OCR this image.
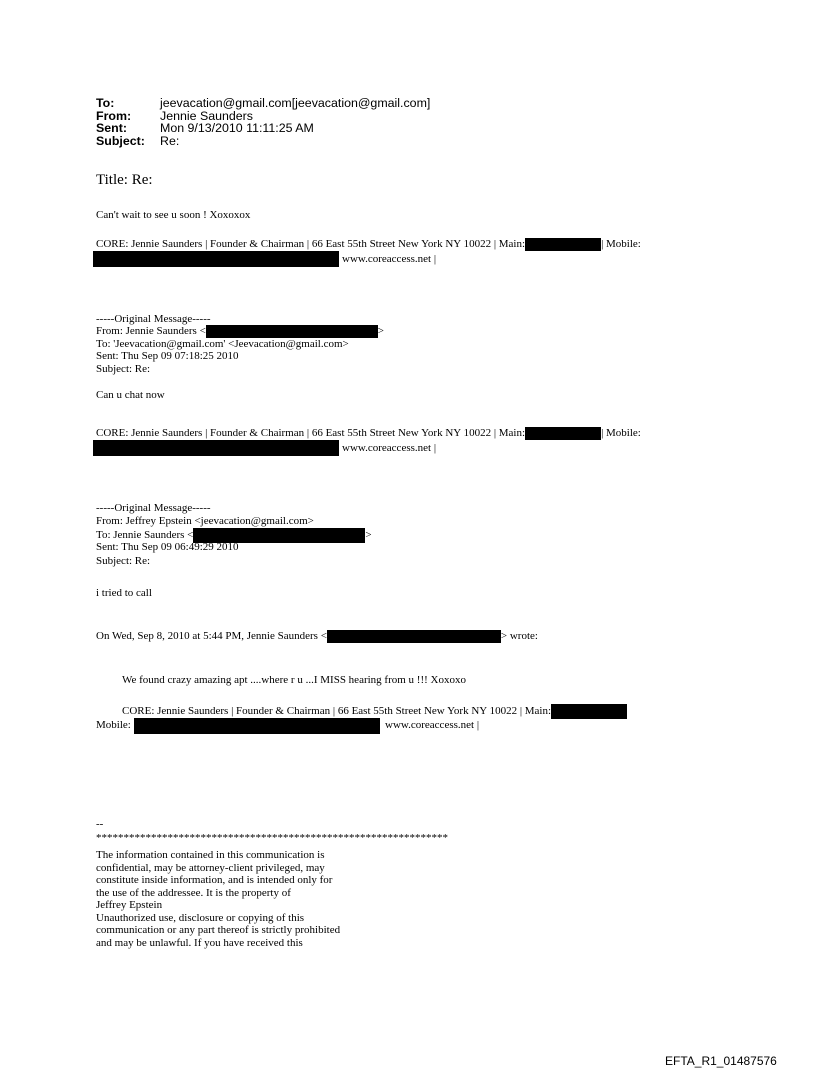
To:	jeevacation@gmail.com[jeevacation@gmail.com]
From:	Jennie Saunders
Sent:	Mon 9/13/2010 11:11:25 AM
Subject:	Re:
Title: Re:
Can't wait to see u soon ! Xoxoxox
CORE: Jennie Saunders | Founder & Chairman | 66 East 55th Street New York NY 10022 | Main:	| Mobile:
www.coreaccess.net |
-----Original Message-----
From: Jennie Saunders <	>
To: 'Jeevacation@gmail.com' <Jeevacation@gmail.com>
Sent: Thu Sep 09 07:18:25 2010
Subject: Re:
Can u chat now
CORE: Jennie Saunders | Founder & Chairman | 66 East 55th Street New York NY 10022 | Main:	| Mobile:
www.coreaccess.net |
-----Original Message-----
From: Jeffrey Epstein <jeevacation@gmail.com>
To: Jennie Saunders <	>
Sent: Thu Sep 09 06:49:29 2010
Subject: Re:
i tried to call
On Wed, Sep 8, 2010 at 5:44 PM, Jennie Saunders <	> wrote:
We found crazy amazing apt ....where r u ...I MISS hearing from u !!! Xoxoxo
CORE: Jennie Saunders | Founder & Chairman | 66 East 55th Street New York NY 10022 | Main:
Mobile:	www.coreaccess.net |
--
****************************************************************
The information contained in this communication is
confidential, may be attorney-client privileged, may
constitute inside information, and is intended only for
the use of the addressee. It is the property of
Jeffrey Epstein
Unauthorized use, disclosure or copying of this
communication or any part thereof is strictly prohibited
and may be unlawful. If you have received this
EFTA_R1_01487576
